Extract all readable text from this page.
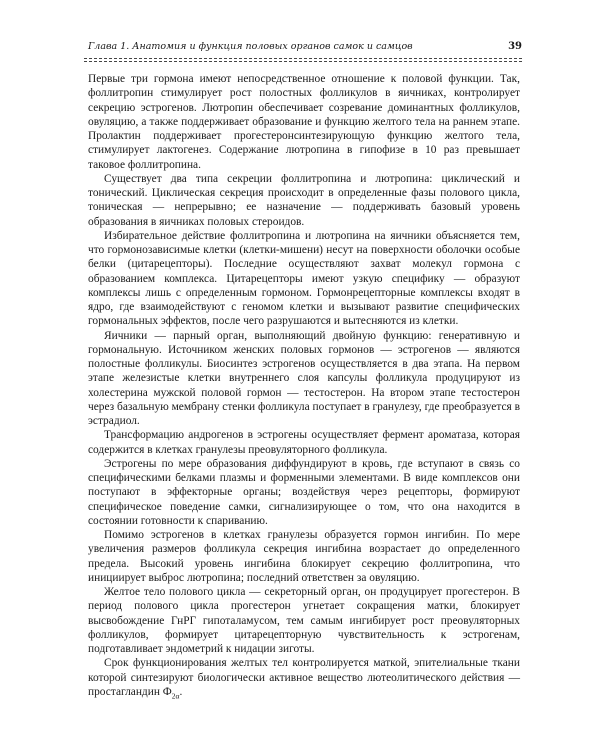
Глава 1. Анатомия и функция половых органов самок и самцов	39

Первые три гормона имеют непосредственное отношение к половой функции. Так, фоллитропин стимулирует рост полостных фолликулов в яичниках, контролирует секрецию эстрогенов. Лютропин обеспечивает созревание доминантных фолликулов, овуляцию, а также поддерживает образование и функцию желтого тела на раннем этапе. Пролактин поддерживает прогестеронсинтезирующую функцию желтого тела, стимулирует лактогенез. Содержание лютропина в гипофизе в 10 раз превышает таковое фоллитропина.

Существует два типа секреции фоллитропина и лютропина: циклический и тонический. Циклическая секреция происходит в определенные фазы полового цикла, тоническая — непрерывно; ее назначение — поддерживать базовый уровень образования в яичниках половых стероидов.

Избирательное действие фоллитропина и лютропина на яичники объясняется тем, что гормонозависимые клетки (клетки-мишени) несут на поверхности оболочки особые белки (цитарецепторы). Последние осуществляют захват молекул гормона с образованием комплекса. Цитарецепторы имеют узкую специфику — образуют комплексы лишь с определенным гормоном. Гормонрецепторные комплексы входят в ядро, где взаимодействуют с геномом клетки и вызывают развитие специфических гормональных эффектов, после чего разрушаются и вытесняются из клетки.

Яичники — парный орган, выполняющий двойную функцию: генеративную и гормональную. Источником женских половых гормонов — эстрогенов — являются полостные фолликулы. Биосинтез эстрогенов осуществляется в два этапа. На первом этапе железистые клетки внутреннего слоя капсулы фолликула продуцируют из холестерина мужской половой гормон — тестостерон. На втором этапе тестостерон через базальную мембрану стенки фолликула поступает в гранулезу, где преобразуется в эстрадиол.

Трансформацию андрогенов в эстрогены осуществляет фермент ароматаза, которая содержится в клетках гранулезы преовуляторного фолликула.

Эстрогены по мере образования диффундируют в кровь, где вступают в связь со специфическими белками плазмы и форменными элементами. В виде комплексов они поступают в эффекторные органы; воздействуя через рецепторы, формируют специфическое поведение самки, сигнализирующее о том, что она находится в состоянии готовности к спариванию.

Помимо эстрогенов в клетках гранулезы образуется гормон ингибин. По мере увеличения размеров фолликула секреция ингибина возрастает до определенного предела. Высокий уровень ингибина блокирует секрецию фоллитропина, что инициирует выброс лютропина; последний ответствен за овуляцию.

Желтое тело полового цикла — секреторный орган, он продуцирует прогестерон. В период полового цикла прогестерон угнетает сокращения матки, блокирует высвобождение ГнРГ гипоталамусом, тем самым ингибирует рост преовуляторных фолликулов, формирует цитарецепторную чувствительность к эстрогенам, подготавливает эндометрий к нидации зиготы.

Срок функционирования желтых тел контролируется маткой, эпителиальные ткани которой синтезируют биологически активное вещество лютеолитического действия — простагландин $Ф_{2\alpha}$.
